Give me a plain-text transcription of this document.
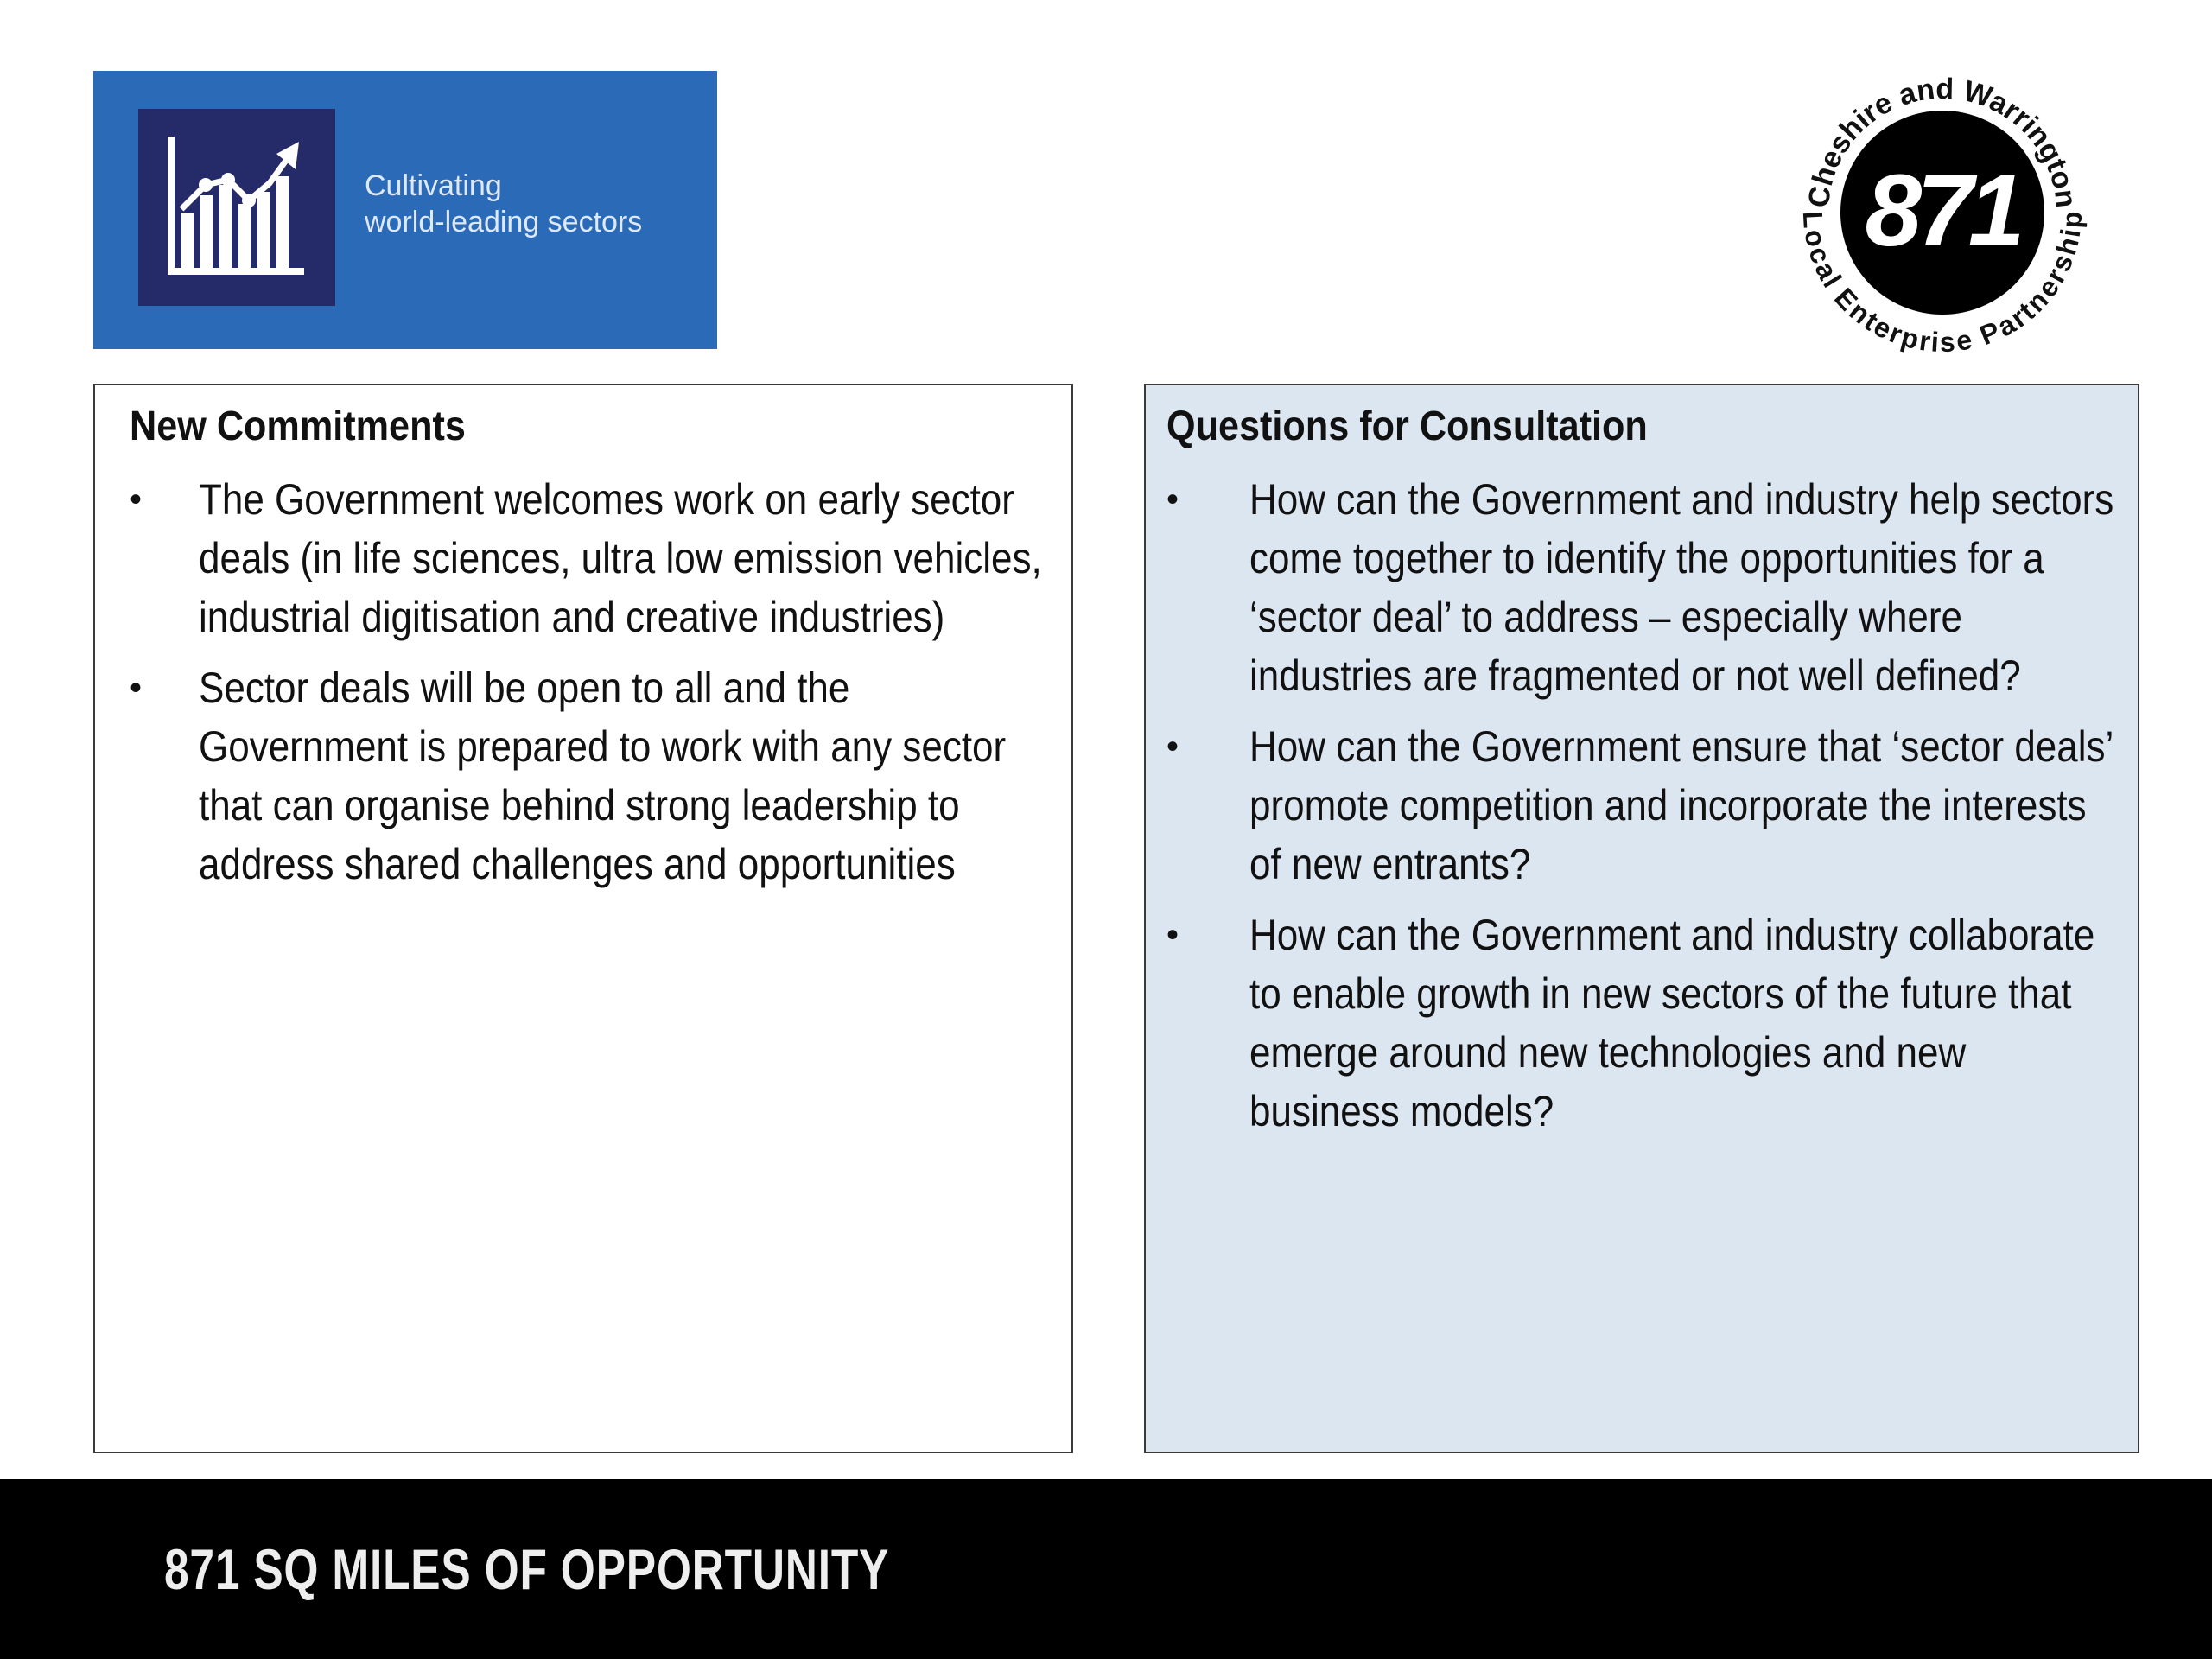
Cultivating
world-leading sectors
Cheshire and Warrington
Local Enterprise Partnership
871
New Commitments
• The Government welcomes work on early sector deals (in life sciences, ultra low emission vehicles, industrial digitisation and creative industries)
• Sector deals will be open to all and the Government is prepared to work with any sector that can organise behind strong leadership to address shared challenges and opportunities
Questions for Consultation
• How can the Government and industry help sectors come together to identify the opportunities for a ‘sector deal’ to address – especially where industries are fragmented or not well defined?
• How can the Government ensure that ‘sector deals’ promote competition and incorporate the interests of new entrants?
• How can the Government and industry collaborate to enable growth in new sectors of the future that emerge around new technologies and new business models?
871 SQ MILES OF OPPORTUNITY
